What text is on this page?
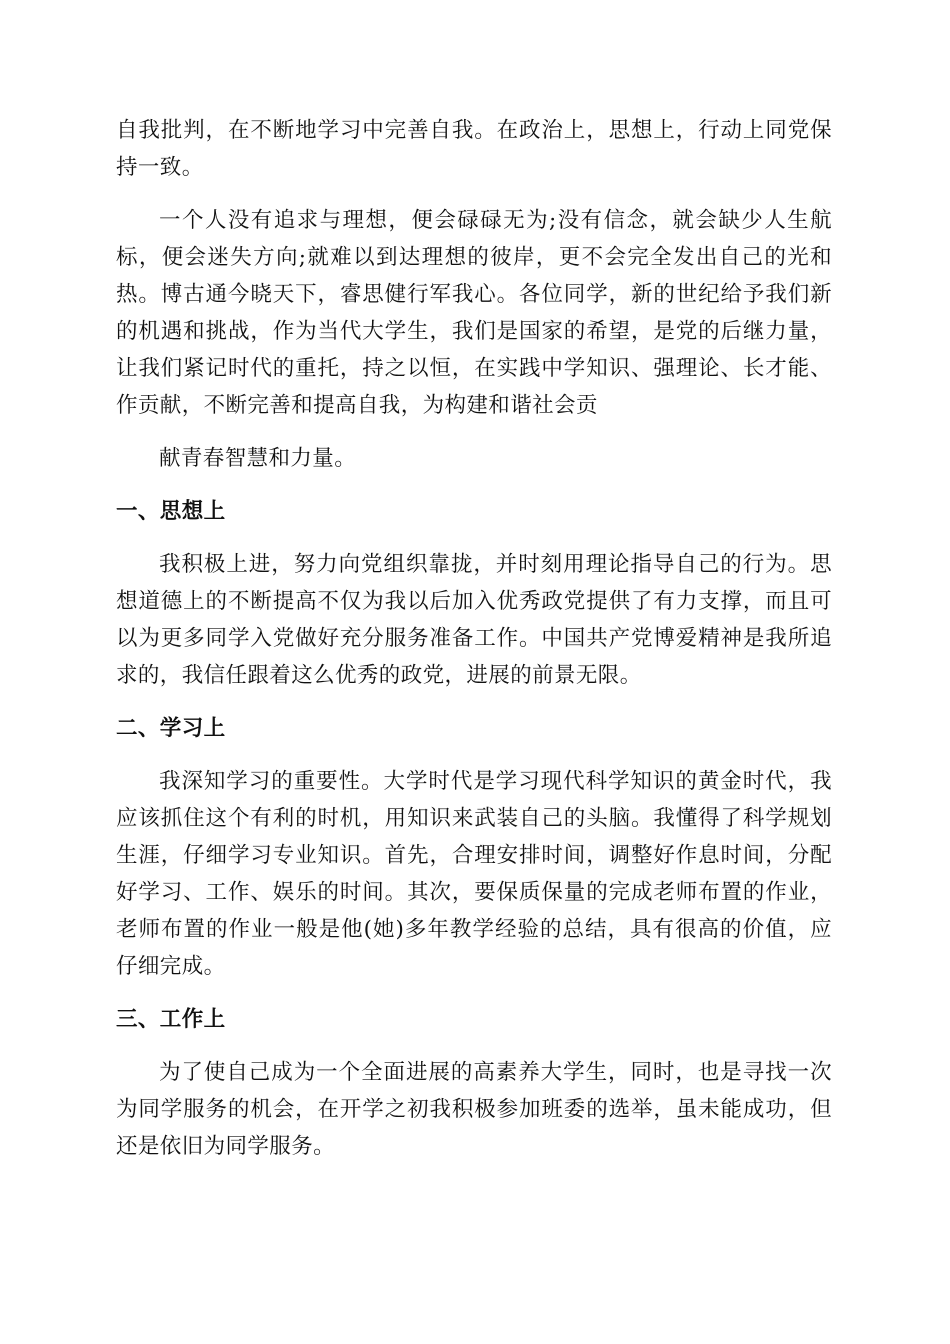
自我批判，在不断地学习中完善自我。在政治上，思想上，行动上同党保持一致。

一个人没有追求与理想，便会碌碌无为;没有信念，就会缺少人生航标，便会迷失方向;就难以到达理想的彼岸，更不会完全发出自己的光和热。博古通今晓天下，睿思健行军我心。各位同学，新的世纪给予我们新的机遇和挑战，作为当代大学生，我们是国家的希望，是党的后继力量，让我们紧记时代的重托，持之以恒，在实践中学知识、强理论、长才能、作贡献，不断完善和提高自我，为构建和谐社会贡

献青春智慧和力量。

一、思想上

我积极上进，努力向党组织靠拢，并时刻用理论指导自己的行为。思想道德上的不断提高不仅为我以后加入优秀政党提供了有力支撑，而且可以为更多同学入党做好充分服务准备工作。中国共产党博爱精神是我所追求的，我信任跟着这么优秀的政党，进展的前景无限。

二、学习上

我深知学习的重要性。大学时代是学习现代科学知识的黄金时代，我应该抓住这个有利的时机，用知识来武装自己的头脑。我懂得了科学规划生涯，仔细学习专业知识。首先，合理安排时间，调整好作息时间，分配好学习、工作、娱乐的时间。其次，要保质保量的完成老师布置的作业，老师布置的作业一般是他(她)多年教学经验的总结，具有很高的价值，应仔细完成。

三、工作上

为了使自己成为一个全面进展的高素养大学生，同时，也是寻找一次为同学服务的机会，在开学之初我积极参加班委的选举，虽未能成功，但还是依旧为同学服务。
